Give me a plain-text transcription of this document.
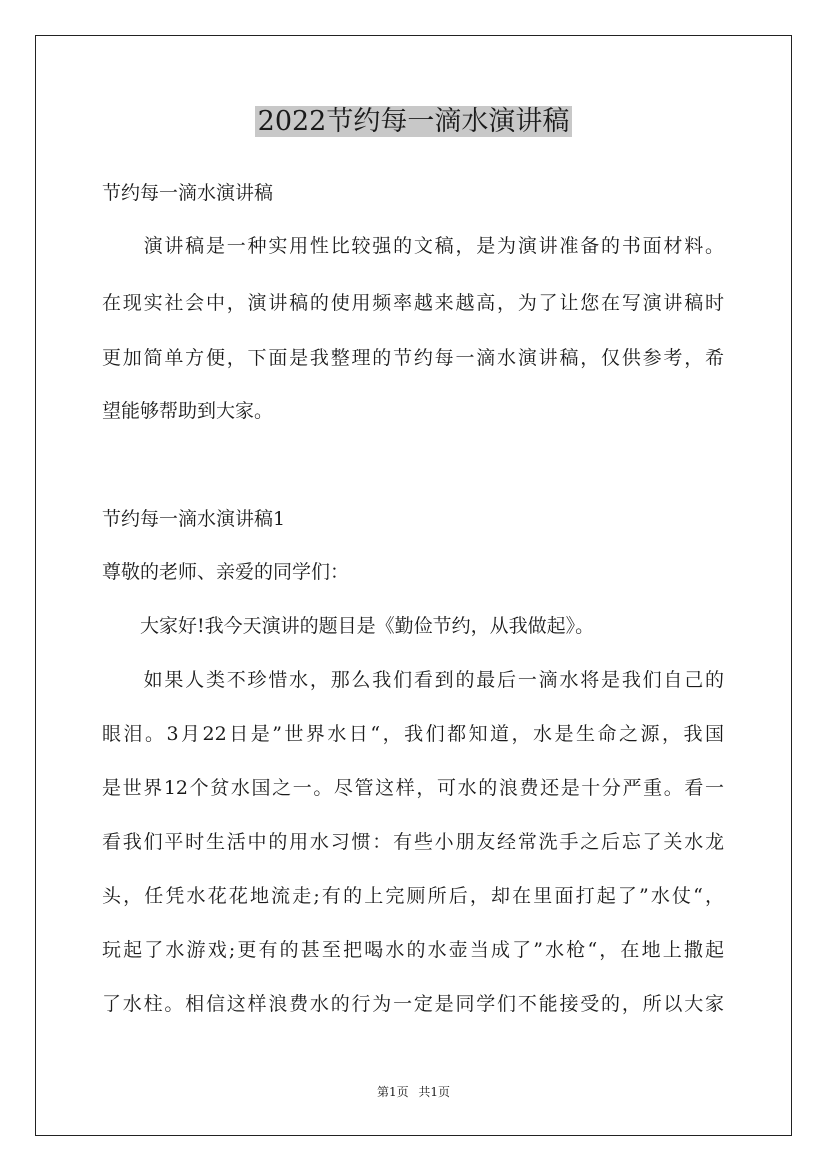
2022节约每一滴水演讲稿
节约每一滴水演讲稿
　　演讲稿是一种实用性比较强的文稿，是为演讲准备的书面材料。
在现实社会中，演讲稿的使用频率越来越高，为了让您在写演讲稿时
更加简单方便，下面是我整理的节约每一滴水演讲稿，仅供参考，希
望能够帮助到大家。
节约每一滴水演讲稿1
尊敬的老师、亲爱的同学们：
　　大家好!我今天演讲的题目是《勤俭节约，从我做起》。
　　如果人类不珍惜水，那么我们看到的最后一滴水将是我们自己的
眼泪。3月22日是”世界水日“，我们都知道，水是生命之源，我国
是世界12个贫水国之一。尽管这样，可水的浪费还是十分严重。看一
看我们平时生活中的用水习惯：有些小朋友经常洗手之后忘了关水龙
头，任凭水花花地流走;有的上完厕所后，却在里面打起了”水仗“，
玩起了水游戏;更有的甚至把喝水的水壶当成了”水枪“，在地上撒起
了水柱。相信这样浪费水的行为一定是同学们不能接受的，所以大家
第1页 共1页
